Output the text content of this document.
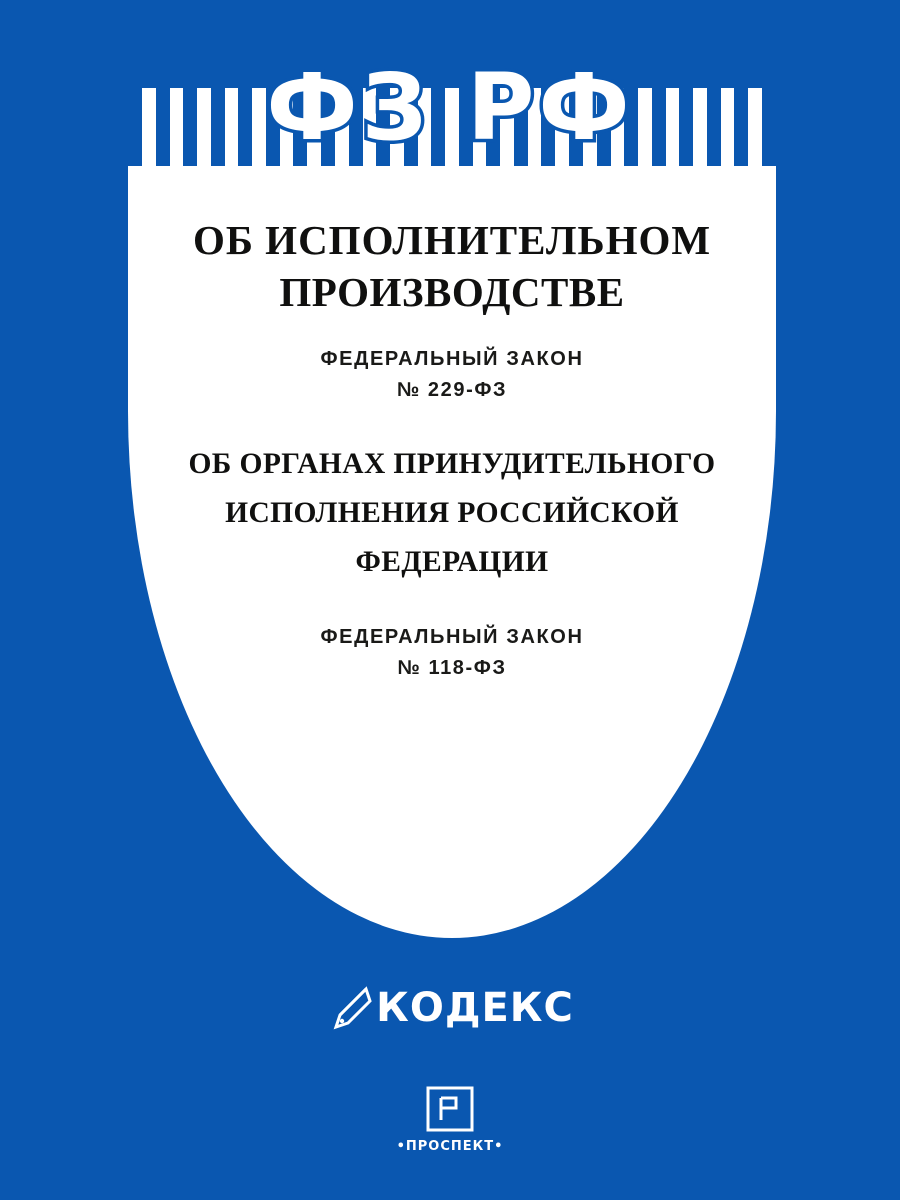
ФЗ РФ
ОБ ИСПОЛНИТЕЛЬНОМ
ПРОИЗВОДСТВЕ
ФЕДЕРАЛЬНЫЙ ЗАКОН
№ 229-ФЗ
ОБ ОРГАНАХ ПРИНУДИТЕЛЬНОГО
ИСПОЛНЕНИЯ РОССИЙСКОЙ
ФЕДЕРАЦИИ
ФЕДЕРАЛЬНЫЙ ЗАКОН
№ 118-ФЗ
КОДЕКС
•ПРОСПЕКТ•
